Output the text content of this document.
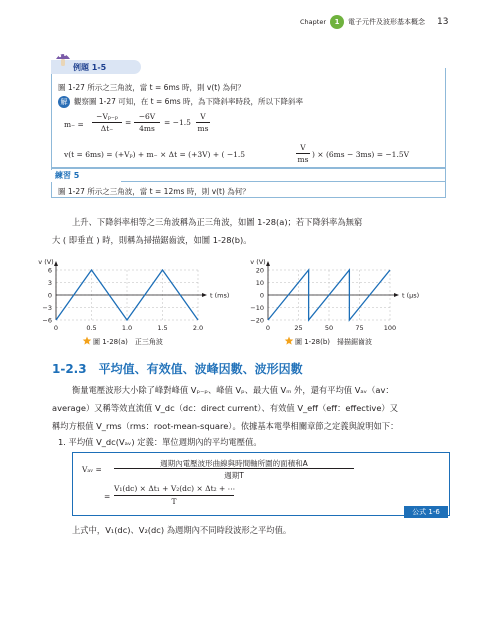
Chapter	1	電子元件及波形基本概念 13
例題 1-5
圖 1-27 所示之三角波，當 t = 6ms 時，則 v(t) 為何？
解 觀察圖 1-27 可知，在 t = 6ms 時，為下降斜率時段，所以下降斜率
m₋ =
−Vₚ₋ₚ
Δt₋
=
−6V
4ms
= −1.5
V
ms
v(t = 6ms) = (+Vₚ) + m₋ × Δt = (+3V) + ( −1.5
V
ms
) × (6ms − 3ms) = −1.5V
練習 5
圖 1-27 所示之三角波，當 t = 12ms 時，則 v(t) 為何？
上升、下降斜率相等之三角波稱為正三角波，如圖 1-28(a)；若下降斜率為無窮
大 ( 即垂直 ) 時，則稱為掃描鋸齒波，如圖 1-28(b)。
6
3
0
−3
−6
0	0.5	1.0	1.5	2.0
v (V)
t (ms)
圖 1-28(a)　正三角波
20
10
0
−10
−20
0	25	50	75	100
v (V)
t (μs)
圖 1-28(b)　掃描鋸齒波
1-2.3　平均值、有效值、波峰因數、波形因數
衡量電壓波形大小除了峰對峰值 Vₚ₋ₚ、峰值 Vₚ、最大值 Vₘ 外，還有平均值 Vₐᵥ（av：
average）又稱等效直流值 V_dc（dc：direct current）、有效值 V_eff（eff：effective）又
稱均方根值 V_rms（rms：root-mean-square）。依據基本電學相關章節之定義與說明如下：
1. 平均值 V_dc(Vₐᵥ) 定義：單位週期內的平均電壓值。
Vₐᵥ =
週期內電壓波形曲線與時間軸所圍的面積和A
週期T
=
V₁(dc) × Δt₁ + V₂(dc) × Δt₂ + ⋯
T
公式 1-6
上式中，V₁(dc)、V₂(dc) 為週期內不同時段波形之平均值。
